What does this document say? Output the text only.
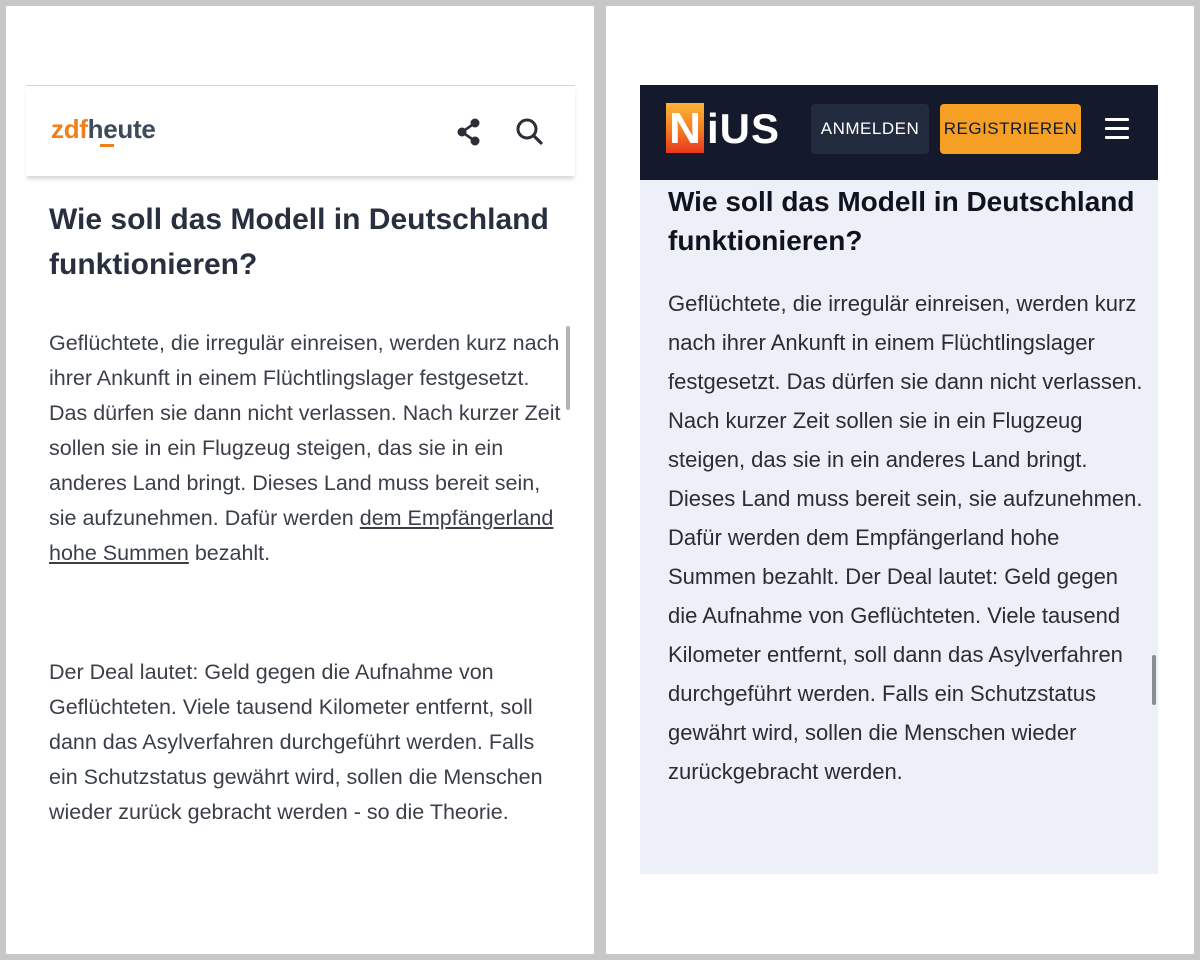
zdfheute
Wie soll das Modell in Deutschland funktionieren?

Geflüchtete, die irregulär einreisen, werden kurz nach ihrer Ankunft in einem Flüchtlingslager festgesetzt. Das dürfen sie dann nicht verlassen. Nach kurzer Zeit sollen sie in ein Flugzeug steigen, das sie in ein anderes Land bringt. Dieses Land muss bereit sein, sie aufzunehmen. Dafür werden dem Empfängerland hohe Summen bezahlt.

Der Deal lautet: Geld gegen die Aufnahme von Geflüchteten. Viele tausend Kilometer entfernt, soll dann das Asylverfahren durchgeführt werden. Falls ein Schutzstatus gewährt wird, sollen die Menschen wieder zurück gebracht werden - so die Theorie.

N iUS	ANMELDEN	REGISTRIEREN
Wie soll das Modell in Deutschland funktionieren?

Geflüchtete, die irregulär einreisen, werden kurz nach ihrer Ankunft in einem Flüchtlingslager festgesetzt. Das dürfen sie dann nicht verlassen. Nach kurzer Zeit sollen sie in ein Flugzeug steigen, das sie in ein anderes Land bringt. Dieses Land muss bereit sein, sie aufzunehmen. Dafür werden dem Empfängerland hohe Summen bezahlt. Der Deal lautet: Geld gegen die Aufnahme von Geflüchteten. Viele tausend Kilometer entfernt, soll dann das Asylverfahren durchgeführt werden. Falls ein Schutzstatus gewährt wird, sollen die Menschen wieder zurückgebracht werden.
